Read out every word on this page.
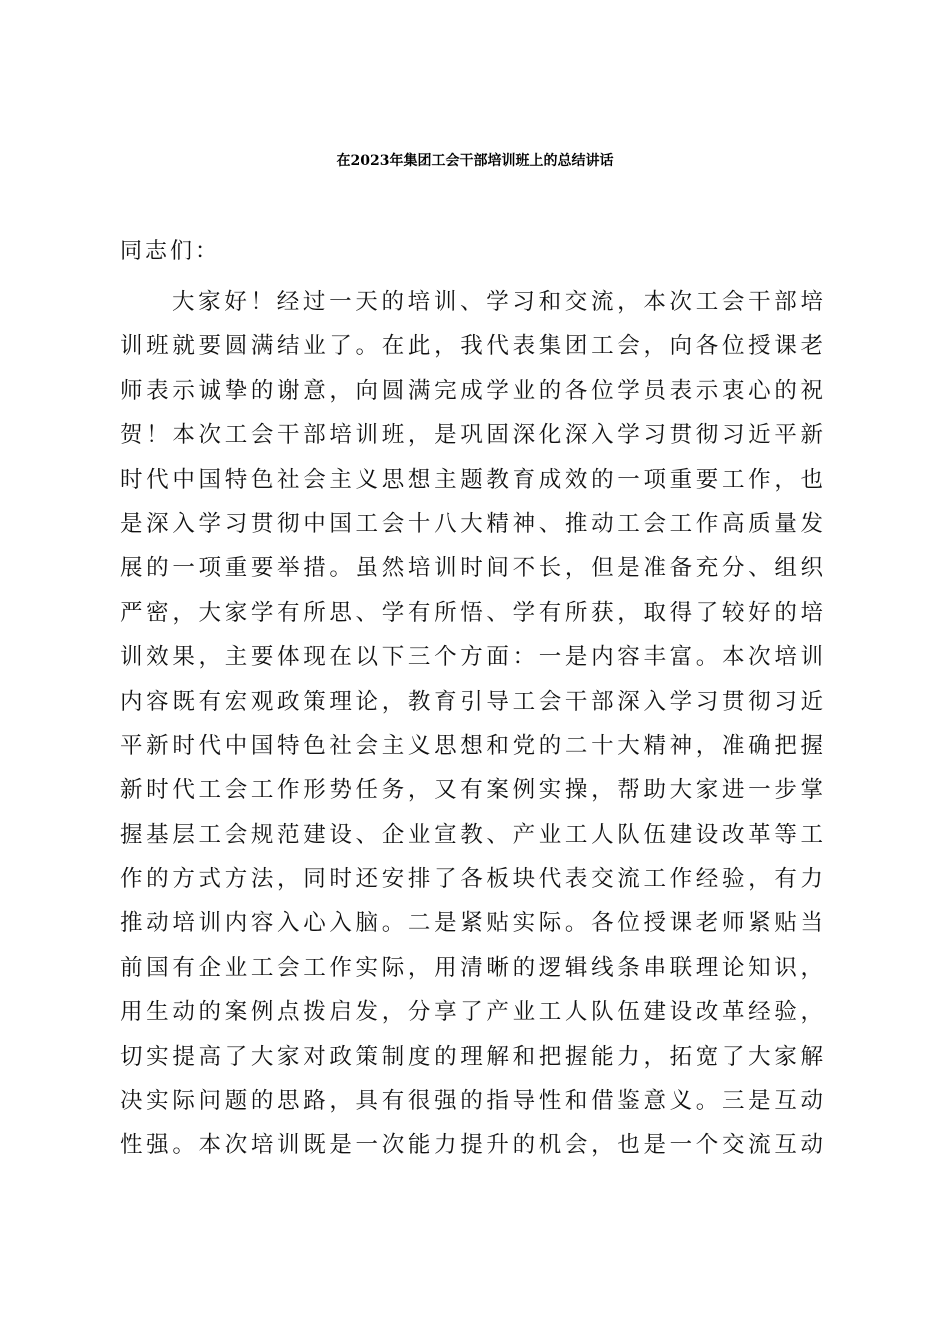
在2023年集团工会干部培训班上的总结讲话
同志们：
大家好！经过一天的培训、学习和交流，本次工会干部培
训班就要圆满结业了。在此，我代表集团工会，向各位授课老
师表示诚挚的谢意，向圆满完成学业的各位学员表示衷心的祝
贺！本次工会干部培训班，是巩固深化深入学习贯彻习近平新
时代中国特色社会主义思想主题教育成效的一项重要工作，也
是深入学习贯彻中国工会十八大精神、推动工会工作高质量发
展的一项重要举措。虽然培训时间不长，但是准备充分、组织
严密，大家学有所思、学有所悟、学有所获，取得了较好的培
训效果，主要体现在以下三个方面：一是内容丰富。本次培训
内容既有宏观政策理论，教育引导工会干部深入学习贯彻习近
平新时代中国特色社会主义思想和党的二十大精神，准确把握
新时代工会工作形势任务，又有案例实操，帮助大家进一步掌
握基层工会规范建设、企业宣教、产业工人队伍建设改革等工
作的方式方法，同时还安排了各板块代表交流工作经验，有力
推动培训内容入心入脑。二是紧贴实际。各位授课老师紧贴当
前国有企业工会工作实际，用清晰的逻辑线条串联理论知识，
用生动的案例点拨启发，分享了产业工人队伍建设改革经验，
切实提高了大家对政策制度的理解和把握能力，拓宽了大家解
决实际问题的思路，具有很强的指导性和借鉴意义。三是互动
性强。本次培训既是一次能力提升的机会，也是一个交流互动
